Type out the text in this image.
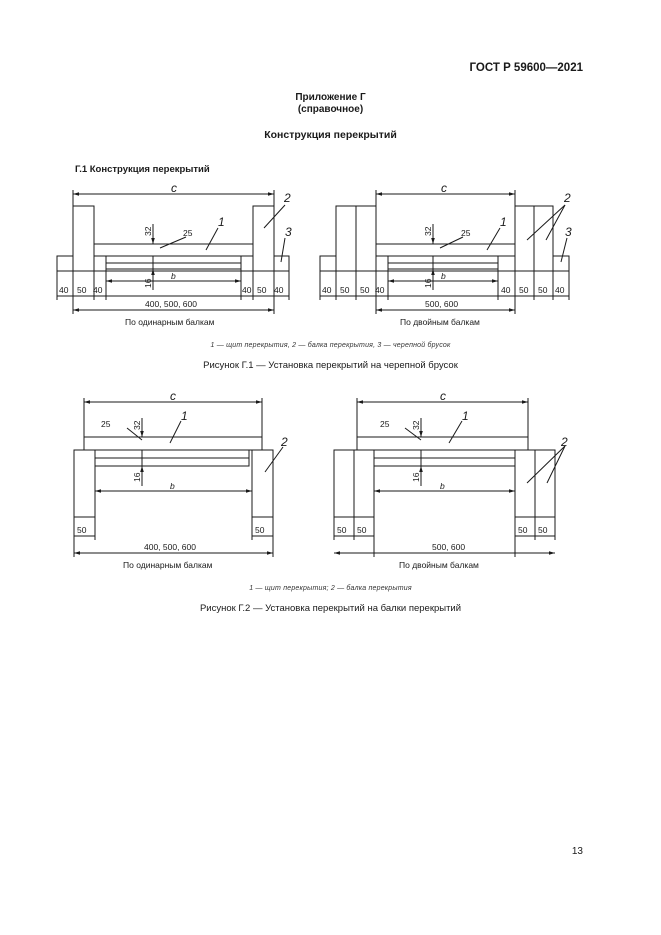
ГОСТ Р 59600—2021
Приложение Г
(справочное)
Конструкция перекрытий
Г.1 Конструкция перекрытий
c
1
2
3
25
32
16
b
40 50 40	40 50 40
400, 500, 600
По одинарным балкам
c
1
2
3
25
32
16
b
40 50 50 40	40 50 50 40
500, 600
По двойным балкам
c
1
2
25	32
16
b
50	50
400, 500, 600
По одинарным балкам
c
1
2
25	32
16
b
50 50	50 50
500, 600
По двойным балкам
1 — щит перекрытия, 2 — балка перекрытия, 3 — черепной брусок
Рисунок Г.1 — Установка перекрытий на черепной брусок
1 — щит перекрытия; 2 — балка перекрытия
Рисунок Г.2 — Установка перекрытий на балки перекрытий
13
